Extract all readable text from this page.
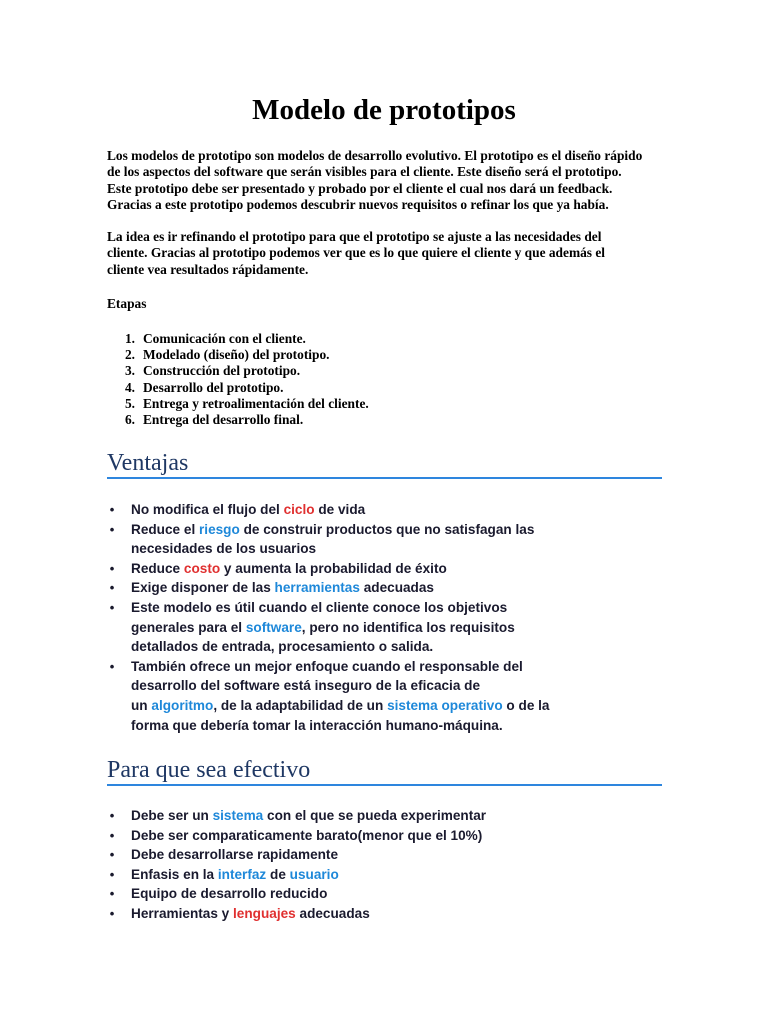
Modelo de prototipos

Los modelos de prototipo son modelos de desarrollo evolutivo. El prototipo es el diseño rápido
de los aspectos del software que serán visibles para el cliente. Este diseño será el prototipo.
Este prototipo debe ser presentado y probado por el cliente el cual nos dará un feedback.
Gracias a este prototipo podemos descubrir nuevos requisitos o refinar los que ya había.

La idea es ir refinando el prototipo para que el prototipo se ajuste a las necesidades del
cliente. Gracias al prototipo podemos ver que es lo que quiere el cliente y que además el
cliente vea resultados rápidamente.

Etapas
1. Comunicación con el cliente.
2. Modelado (diseño) del prototipo.
3. Construcción del prototipo.
4. Desarrollo del prototipo.
5. Entrega y retroalimentación del cliente.
6. Entrega del desarrollo final.
Ventajas
• No modifica el flujo del ciclo de vida
• Reduce el riesgo de construir productos que no satisfagan las
necesidades de los usuarios
• Reduce costo y aumenta la probabilidad de éxito
• Exige disponer de las herramientas adecuadas
• Este modelo es útil cuando el cliente conoce los objetivos
generales para el software, pero no identifica los requisitos
detallados de entrada, procesamiento o salida.
• También ofrece un mejor enfoque cuando el responsable del
desarrollo del software está inseguro de la eficacia de
un algoritmo, de la adaptabilidad de un sistema operativo o de la
forma que debería tomar la interacción humano-máquina.
Para que sea efectivo
• Debe ser un sistema con el que se pueda experimentar
• Debe ser comparaticamente barato(menor que el 10%)
• Debe desarrollarse rapidamente
• Enfasis en la interfaz de usuario
• Equipo de desarrollo reducido
• Herramientas y lenguajes adecuadas
